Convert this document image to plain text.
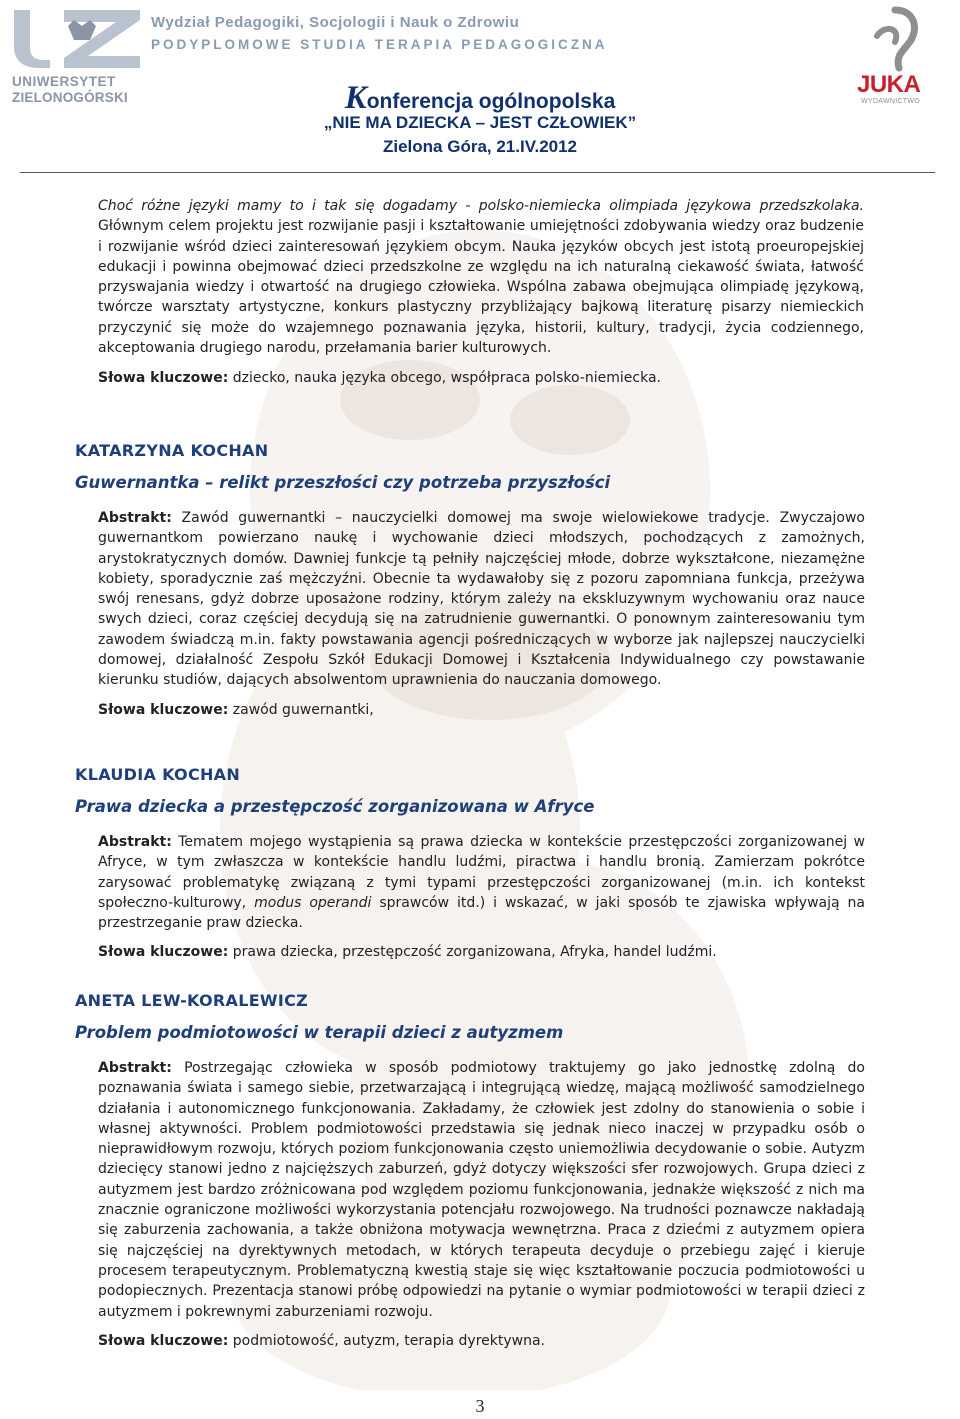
UNIWERSYTET
ZIELONOGÓRSKI
Wydział Pedagogiki, Socjologii i Nauk o Zdrowiu
PODYPLOMOWE STUDIA TERAPIA PEDAGOGICZNA
Konferencja ogólnopolska
„NIE MA DZIECKA – JEST CZŁOWIEK”
Zielona Góra, 21.IV.2012
JUKA
WYDAWNICTWO

Choć różne języki mamy to i tak się dogadamy - polsko-niemiecka olimpiada językowa przedszkolaka. Głównym celem projektu jest rozwijanie pasji i kształtowanie umiejętności zdobywania wiedzy oraz budzenie i rozwijanie wśród dzieci zainteresowań językiem obcym. Nauka języków obcych jest istotą proeuropejskiej edukacji i powinna obejmować dzieci przedszkolne ze względu na ich naturalną ciekawość świata, łatwość przyswajania wiedzy i otwartość na drugiego człowieka. Wspólna zabawa obejmująca olimpiadę językową, twórcze warsztaty artystyczne, konkurs plastyczny przybliżający bajkową literaturę pisarzy niemieckich przyczynić się może do wzajemnego poznawania języka, historii, kultury, tradycji, życia codziennego, akceptowania drugiego narodu, przełamania barier kulturowych.

Słowa kluczowe: dziecko, nauka języka obcego, współpraca polsko-niemiecka.

KATARZYNA KOCHAN
Guwernantka – relikt przeszłości czy potrzeba przyszłości

Abstrakt: Zawód guwernantki – nauczycielki domowej ma swoje wielowiekowe tradycje. Zwyczajowo guwernantkom powierzano naukę i wychowanie dzieci młodszych, pochodzących z zamożnych, arystokratycznych domów. Dawniej funkcje tą pełniły najczęściej młode, dobrze wykształcone, niezamężne kobiety, sporadycznie zaś mężczyźni. Obecnie ta wydawałoby się z pozoru zapomniana funkcja, przeżywa swój renesans, gdyż dobrze uposażone rodziny, którym zależy na ekskluzywnym wychowaniu oraz nauce swych dzieci, coraz częściej decydują się na zatrudnienie guwernantki. O ponownym zainteresowaniu tym zawodem świadczą m.in. fakty powstawania agencji pośredniczących w wyborze jak najlepszej nauczycielki domowej, działalność Zespołu Szkół Edukacji Domowej i Kształcenia Indywidualnego czy powstawanie kierunku studiów, dających absolwentom uprawnienia do nauczania domowego.

Słowa kluczowe: zawód guwernantki,

KLAUDIA KOCHAN
Prawa dziecka a przestępczość zorganizowana w Afryce

Abstrakt: Tematem mojego wystąpienia są prawa dziecka w kontekście przestępczości zorganizowanej w Afryce, w tym zwłaszcza w kontekście handlu ludźmi, piractwa i handlu bronią. Zamierzam pokrótce zarysować problematykę związaną z tymi typami przestępczości zorganizowanej (m.in. ich kontekst społeczno-kulturowy, modus operandi sprawców itd.) i wskazać, w jaki sposób te zjawiska wpływają na przestrzeganie praw dziecka.

Słowa kluczowe: prawa dziecka, przestępczość zorganizowana, Afryka, handel ludźmi.

ANETA LEW-KORALEWICZ
Problem podmiotowości w terapii dzieci z autyzmem

Abstrakt: Postrzegając człowieka w sposób podmiotowy traktujemy go jako jednostkę zdolną do poznawania świata i samego siebie, przetwarzającą i integrującą wiedzę, mającą możliwość samodzielnego działania i autonomicznego funkcjonowania. Zakładamy, że człowiek jest zdolny do stanowienia o sobie i własnej aktywności. Problem podmiotowości przedstawia się jednak nieco inaczej w przypadku osób o nieprawidłowym rozwoju, których poziom funkcjonowania często uniemożliwia decydowanie o sobie. Autyzm dziecięcy stanowi jedno z najcięższych zaburzeń, gdyż dotyczy większości sfer rozwojowych. Grupa dzieci z autyzmem jest bardzo zróżnicowana pod względem poziomu funkcjonowania, jednakże większość z nich ma znacznie ograniczone możliwości wykorzystania potencjału rozwojowego. Na trudności poznawcze nakładają się zaburzenia zachowania, a także obniżona motywacja wewnętrzna. Praca z dziećmi z autyzmem opiera się najczęściej na dyrektywnych metodach, w których terapeuta decyduje o przebiegu zajęć i kieruje procesem terapeutycznym. Problematyczną kwestią staje się więc kształtowanie poczucia podmiotowości u podopiecznych. Prezentacja stanowi próbę odpowiedzi na pytanie o wymiar podmiotowości w terapii dzieci z autyzmem i pokrewnymi zaburzeniami rozwoju.

Słowa kluczowe: podmiotowość, autyzm, terapia dyrektywna.

3
